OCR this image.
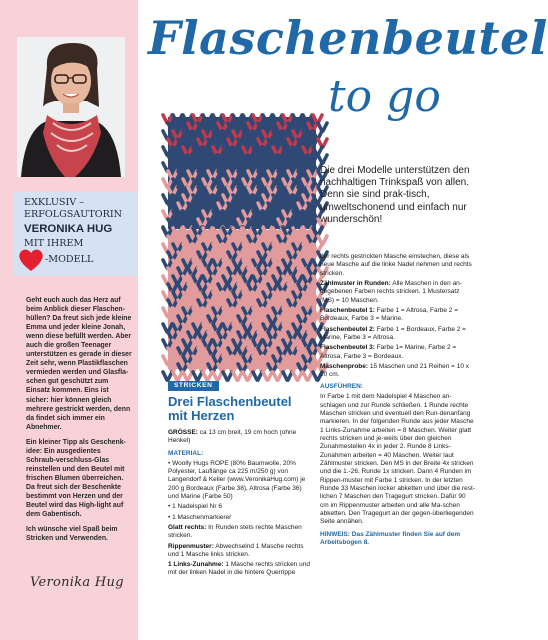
EXKLUSIV –
ERFOLGSAUTORIN
VERONIKA HUG
MIT IHREM
-MODELL

Geht euch auch das Herz auf beim Anblick dieser Flaschen-hüllen? Da freut sich jede kleine Emma und jeder kleine Jonah, wenn diese befüllt werden. Aber auch die großen Teenager unterstützen es gerade in dieser Zeit sehr, wenn Plastikflaschen vermieden werden und Glasfla-schen gut geschützt zum Einsatz kommen. Eins ist sicher: hier können gleich mehrere gestrickt werden, denn da findet sich immer ein Abnehmer.

Ein kleiner Tipp als Geschenk-idee: Ein ausgedientes Schraub-verschluss-Glas reinstellen und den Beutel mit frischen Blumen überreichen. Da freut sich der Beschenkte bestimmt von Herzen und der Beutel wird das High-light auf dem Gabentisch.

Ich wünsche viel Spaß beim Stricken und Verwenden.

Veronika Hug
Flaschenbeutel
to go

Die drei Modelle unterstützen den nachhaltigen Trinkspaß von allen. Denn sie sind prak-tisch, umweltschonend und einfach nur wunderschön!

STRICKEN
Drei Flaschenbeutel
mit Herzen

GRÖSSE: ca 13 cm breit, 19 cm hoch (ohne Henkel)

MATERIAL:

• Woolly Hugs ROPE (80% Baumwolle, 20% Polyester, Lauflänge ca 225 m/250 g) von Langendorf & Keller (www.VeronikaHug.com) je 200 g Bordeaux (Farbe 38), Altrosa (Farbe 36) und Marine (Farbe 50)

• 1 Nadelspiel Nr 6

• 1 Maschenmarkierer

Glatt rechts: In Runden stets rechte Maschen stricken.

Rippenmuster: Abwechselnd 1 Masche rechts und 1 Masche links stricken.

1 Links-Zunahme: 1 Masche rechts stricken und mit der linken Nadel in die hintere Querrippe

der rechts gestrickten Masche einstechen, diese als neue Masche auf die linke Nadel nehmen und rechts stricken.

Zählmuster in Runden: Alle Maschen in den an-gegebenen Farben rechts stricken. 1 Mustersatz (MS) = 10 Maschen.

Flaschenbeutel 1: Farbe 1 = Altrosa, Farbe 2 = Bordeaux, Farbe 3 = Marine.

Flaschenbeutel 2: Farbe 1 = Bordeaux, Farbe 2 = Marine, Farbe 3 = Altrosa.

Flaschenbeutel 3: Farbe 1= Marine, Farbe 2 = Altrosa, Farbe 3 = Bordeaux.

Maschenprobe: 15 Maschen und 21 Reihen = 10 x 10 cm.

AUSFÜHREN:

In Farbe 1 mit dem Nadelspiel 4 Maschen an-schlagen und zur Runde schließen. 1 Runde rechte Maschen stricken und eventuell den Run-denanfang markieren. In der folgenden Runde aus jeder Masche 1 Links-Zunahme arbeiten = 8 Maschen. Weiter glatt rechts stricken und je-weils über den gleichen Zunahmestellen 4x in jeder 2. Runde 8 Links-Zunahmen arbeiten = 40 Maschen. Weiter laut Zählmuster stricken. Den MS in der Breite 4x stricken und die 1.-26. Runde 1x stricken. Dann 4 Runden im Rippen-muster mit Farbe 1 stricken. In der letzten Runde 33 Maschen locker abketten und über die rest-lichen 7 Maschen den Tragegurt stricken. Dafür 90 cm im Rippenmuster arbeiten und alle Ma-schen abketten. Den Tragegurt an der gegen-überliegenden Seite annähen.

HINWEIS: Das Zählmuster finden Sie auf dem Arbeitsbogen 8.
